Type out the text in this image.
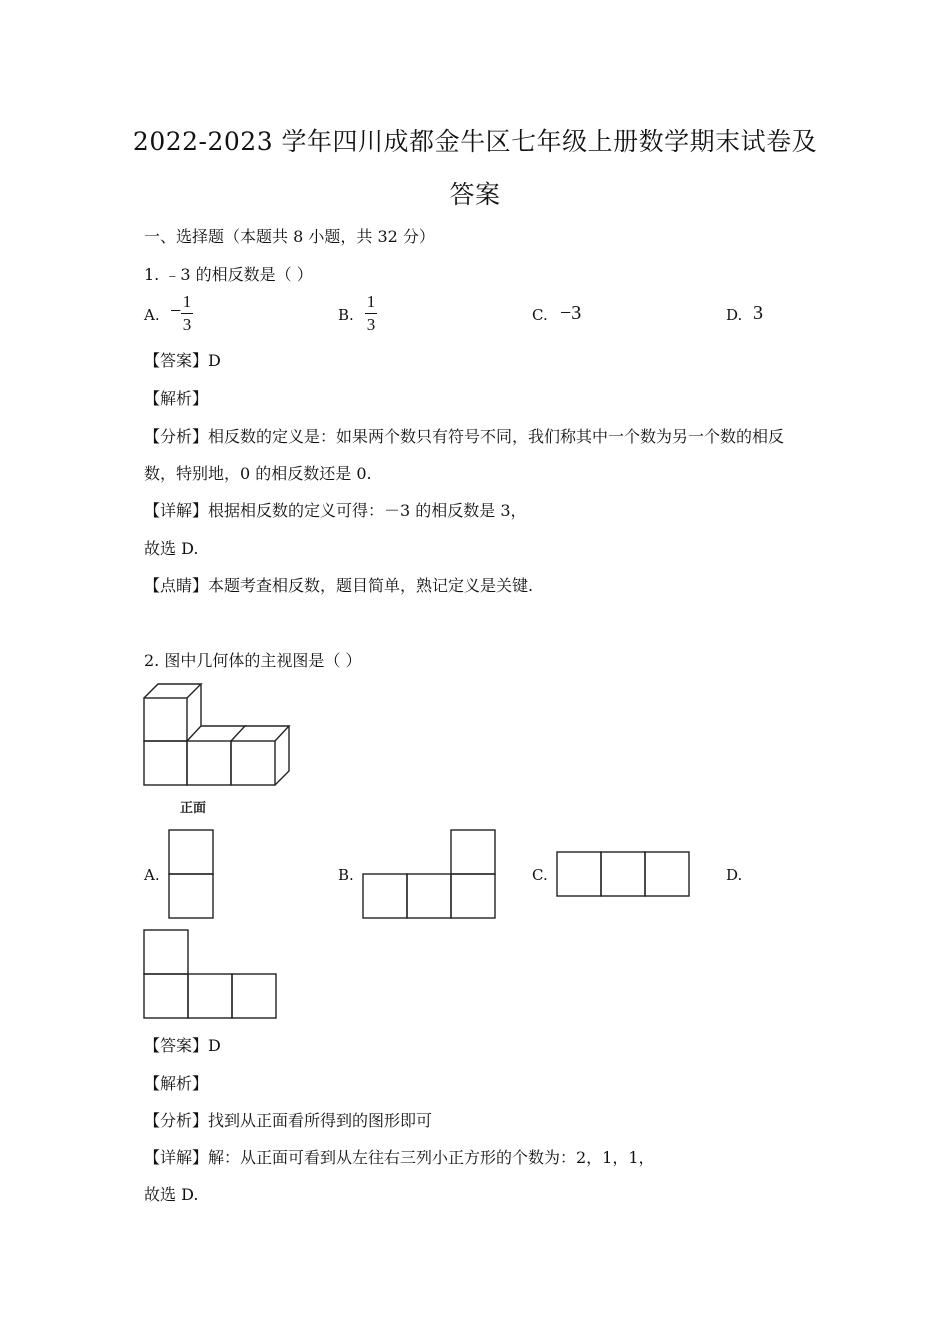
2022-2023 学年四川成都金牛区七年级上册数学期末试卷及
答案
一、选择题（本题共 8 小题，共 32 分）
1. ﹣3 的相反数是（ ）
A. − 1
3	B.
1
3	C. −3	D. 3
【答案】D
【解析】
【分析】相反数的定义是：如果两个数只有符号不同，我们称其中一个数为另一个数的相反
数，特别地，0 的相反数还是 0.
【详解】根据相反数的定义可得：－3 的相反数是 3，
故选 D.
【点睛】本题考查相反数，题目简单，熟记定义是关键.
2. 图中几何体的主视图是（ ）
正面
A.	B.	C.	D.
【答案】D
【解析】
【分析】找到从正面看所得到的图形即可
【详解】解：从正面可看到从左往右三列小正方形的个数为：2，1，1，
故选 D.
